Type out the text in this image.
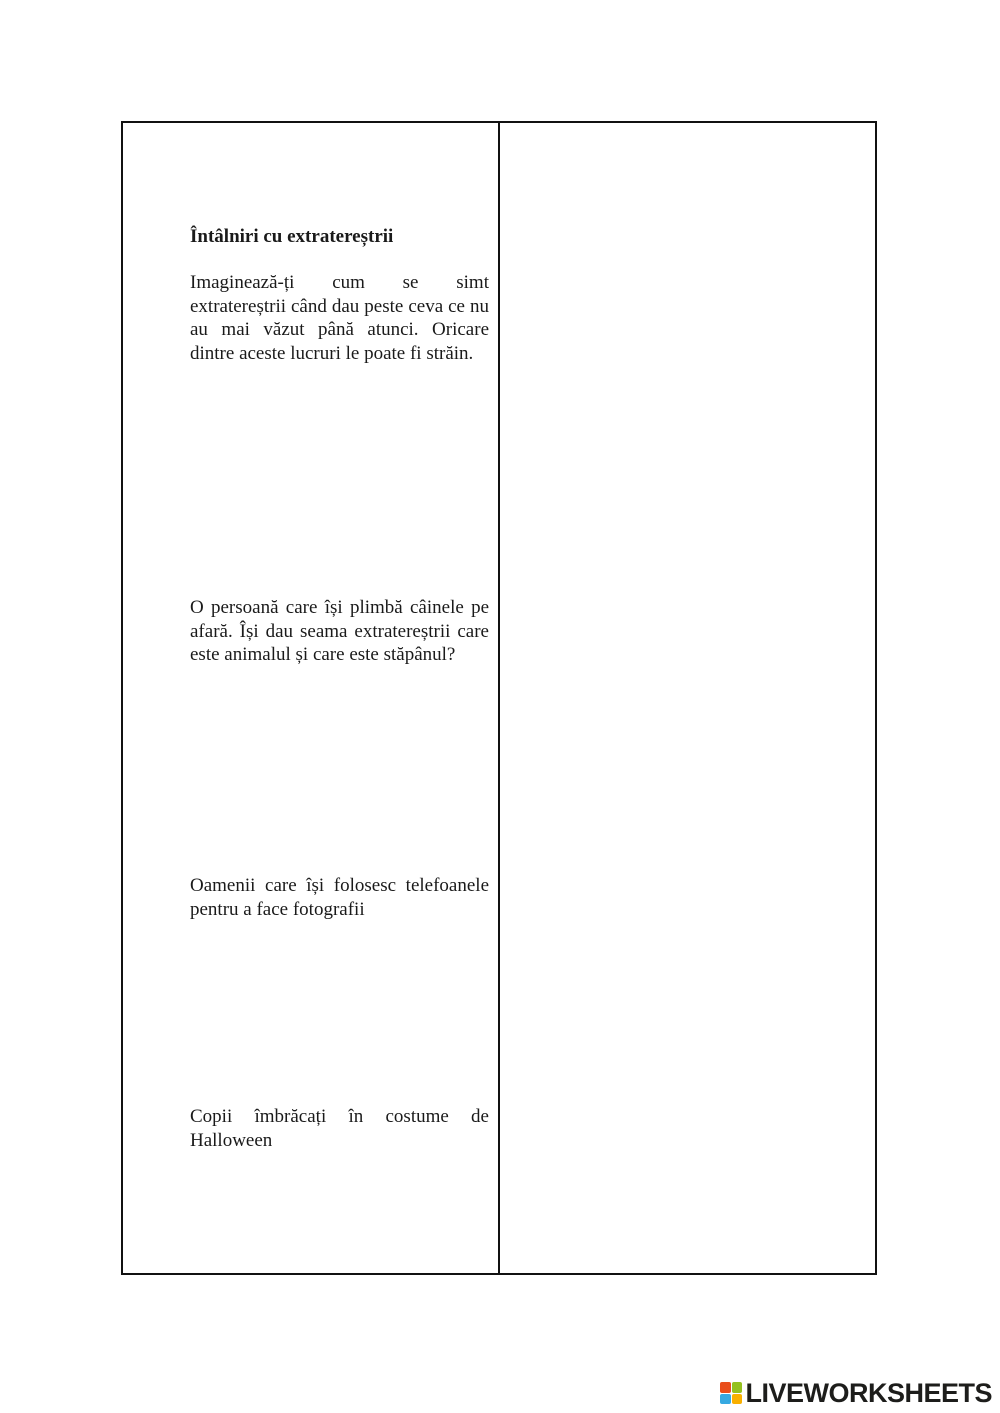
Întâlniri cu extratereștrii
Imaginează-ți cum se simt extratereștrii când dau peste ceva ce nu au mai văzut până atunci. Oricare dintre aceste lucruri le poate fi străin.
O persoană care își plimbă câinele pe afară. Își dau seama extratereștrii care este animalul și care este stăpânul?
Oamenii care își folosesc telefoanele pentru a face fotografii
Copii îmbrăcați în costume de Halloween
LIVEWORKSHEETS
